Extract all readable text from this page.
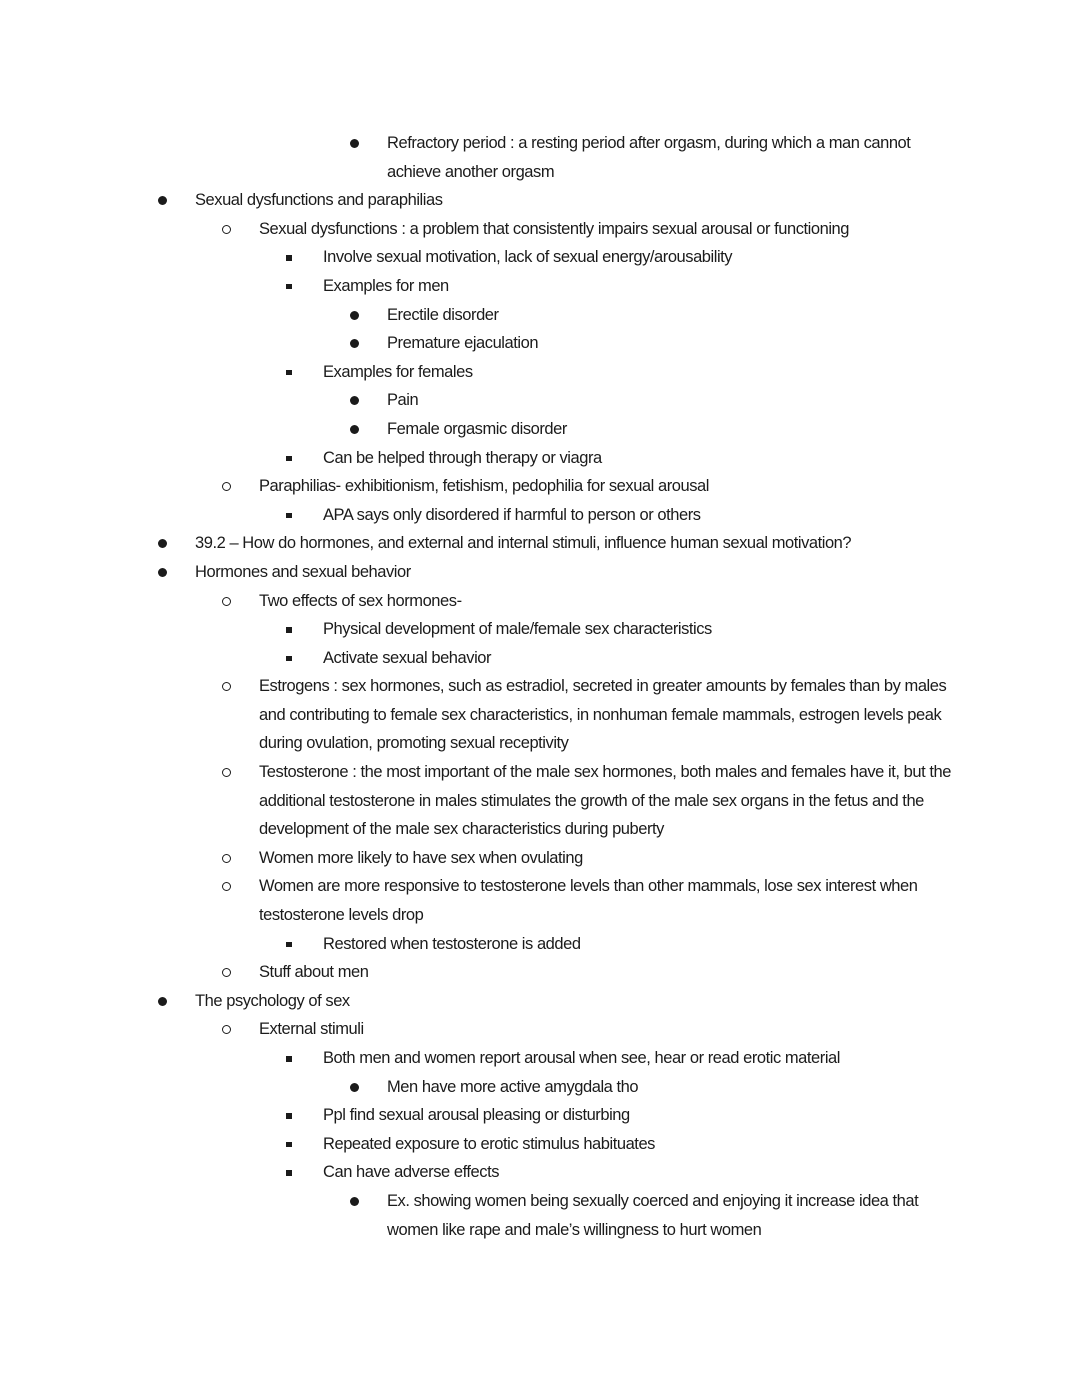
Refractory period : a resting period after orgasm, during which a man cannot achieve another orgasm
Sexual dysfunctions and paraphilias
Sexual dysfunctions : a problem that consistently impairs sexual arousal or functioning
Involve sexual motivation, lack of sexual energy/arousability
Examples for men
Erectile disorder
Premature ejaculation
Examples for females
Pain
Female orgasmic disorder
Can be helped through therapy or viagra
Paraphilias- exhibitionism, fetishism, pedophilia for sexual arousal
APA says only disordered if harmful to person or others
39.2 – How do hormones, and external and internal stimuli, influence human sexual motivation?
Hormones and sexual behavior
Two effects of sex hormones-
Physical development of male/female sex characteristics
Activate sexual behavior
Estrogens : sex hormones, such as estradiol, secreted in greater amounts by females than by males and contributing to female sex characteristics, in nonhuman female mammals, estrogen levels peak during ovulation, promoting sexual receptivity
Testosterone : the most important of the male sex hormones, both males and females have it, but the additional testosterone in males stimulates the growth of the male sex organs in the fetus and the development of the male sex characteristics during puberty
Women more likely to have sex when ovulating
Women are more responsive to testosterone levels than other mammals, lose sex interest when testosterone levels drop
Restored when testosterone is added
Stuff about men
The psychology of sex
External stimuli
Both men and women report arousal when see, hear or read erotic material
Men have more active amygdala tho
Ppl find sexual arousal pleasing or disturbing
Repeated exposure to erotic stimulus habituates
Can have adverse effects
Ex. showing women being sexually coerced and enjoying it increase idea that women like rape and male’s willingness to hurt women
